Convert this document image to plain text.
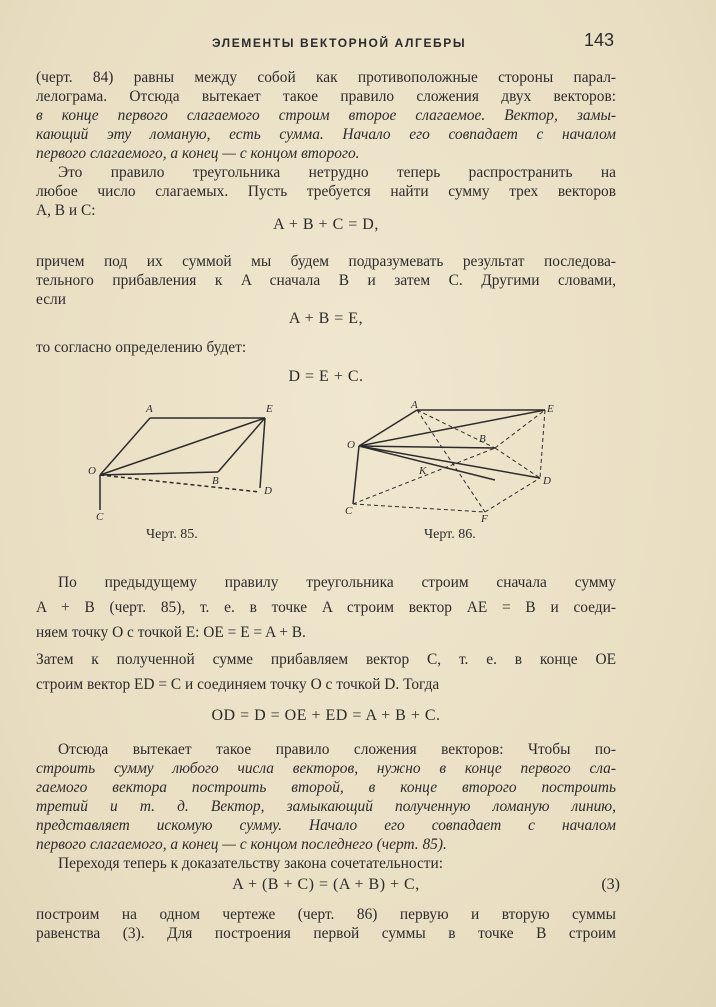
ЭЛЕМЕНТЫ ВЕКТОРНОЙ АЛГЕБРЫ	143
(черт. 84) равны между собой как противоположные стороны парал-
лелограма. Отсюда вытекает такое правило сложения двух векторов:
в конце первого слагаемого строим второе слагаемое. Вектор, замы-
кающий эту ломаную, есть сумма. Начало его совпадает с началом
первого слагаемого, а конец — с концом второго.
Это правило треугольника нетрудно теперь распространить на
любое число слагаемых. Пусть требуется найти сумму трех векторов
A, B и C:
A + B + C = D,
причем под их суммой мы будем подразумевать результат последова-
тельного прибавления к A сначала B и затем C. Другими словами,
если
A + B = E,
то согласно определению будет:
D = E + C.
A	E
O
B
D
C
A	E
O	B
K
D
C
F
Черт. 85.	Черт. 86.
По предыдущему правилу треугольника строим сначала сумму
A + B (черт. 85), т. е. в точке A строим вектор AE = B и соеди-
няем точку O с точкой E: OE = E = A + B.
Затем к полученной сумме прибавляем вектор C, т. е. в конце OE
строим вектор ED = C и соединяем точку O с точкой D. Тогда
OD = D = OE + ED = A + B + C.
Отсюда вытекает такое правило сложения векторов: Чтобы по-
строить сумму любого числа векторов, нужно в конце первого сла-
гаемого вектора построить второй, в конце второго построить
третий и т. д. Вектор, замыкающий полученную ломаную линию,
представляет искомую сумму. Начало его совпадает с началом
первого слагаемого, а конец — с концом последнего (черт. 85).
Переходя теперь к доказательству закона сочетательности:
A + (B + C) = (A + B) + C,	(3)
построим на одном чертеже (черт. 86) первую и вторую суммы
равенства (3). Для построения первой суммы в точке B строим
